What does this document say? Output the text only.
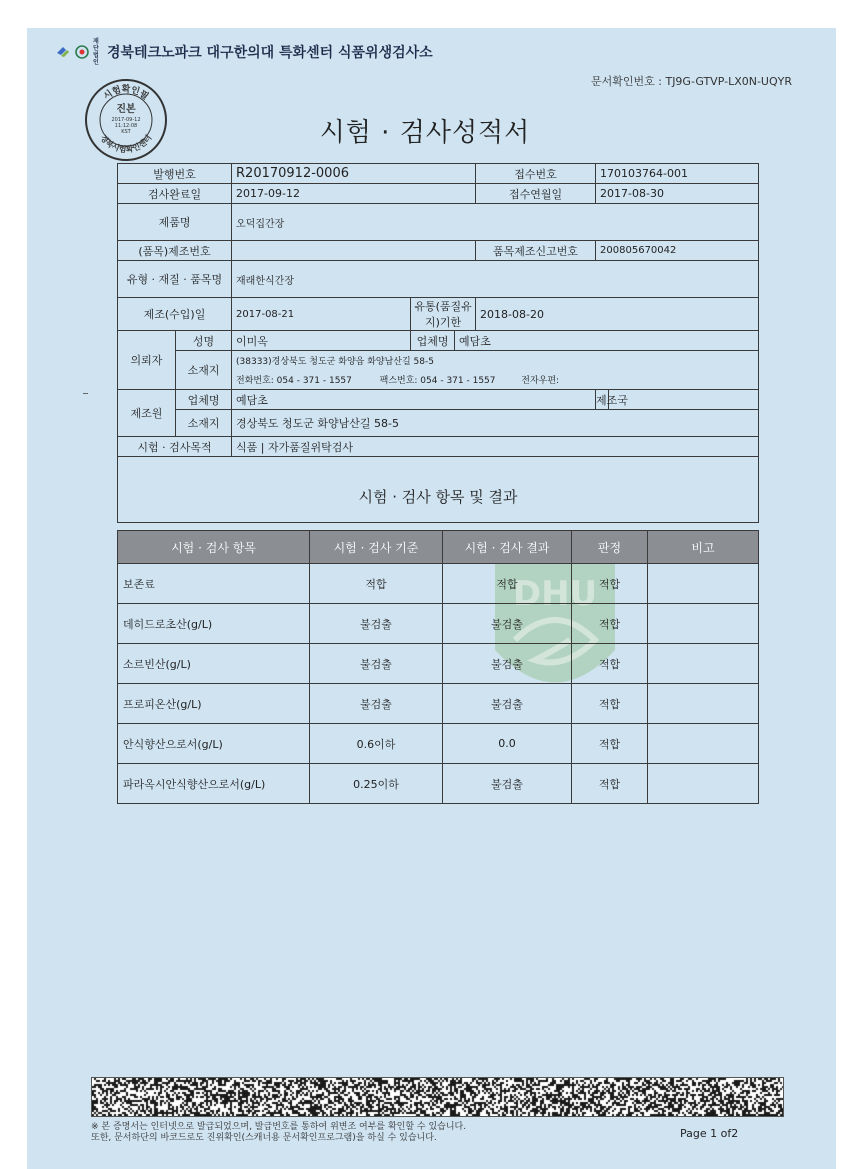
재단
법인
경북테크노파크 대구한의대 특화센터 식품위생검사소
문서확인번호 : TJ9G-GTVP-LX0N-UQYR
시험확인필
경북시험확인센터
진본
2017-09-12
11:12:08
KST	시험 · 검사성적서
DHU
발행번호		R20170912-0006			접수번호	170103764-001	
검사완료일		2017-09-12			접수연월일	2017-08-30	
제품명		오덕집간장					
(품목)제조번호					품목제조신고번호	200805670042	
유형 · 재질 · 품목명		재래한식간장					
제조(수입)일		2017-08-21	유통(품질유지)기한		2018-08-20		
의뢰자	성명	이미옥	업체명	예담초			
	소재지	(38333)경상북도 청도군 화양읍 화양남산길 58-5					
		전화번호: 054 - 371 - 1557 팩스번호: 054 - 371 - 1557 전자우편:					
제조원	업체명	예담초				제조국	
	소재지	경상북도 청도군 화양남산길 58-5					
시험 · 검사목적		식품 | 자가품질위탁검사					
시험 · 검사 항목 및 결과							
시험 · 검사 항목	시험 · 검사 기준	시험 · 검사 결과	판정	비고
보존료	적합	적합	적합	
데히드로초산(g/L)	불검출	불검출	적합	
소르빈산(g/L)	불검출	불검출	적합	
프로피온산(g/L)	불검출	불검출	적합	
안식향산으로서(g/L)	0.6이하	0.0	적합	
파라옥시안식향산으로서(g/L)	0.25이하	불검출	적합	
※ 본 증명서는 인터넷으로 발급되었으며, 발급번호를 통하여 위변조 여부를 확인할 수 있습니다.
또한, 문서하단의 바코드로도 진위확인(스캐너용 문서확인프로그램)을 하실 수 있습니다.	Page 1 of2
